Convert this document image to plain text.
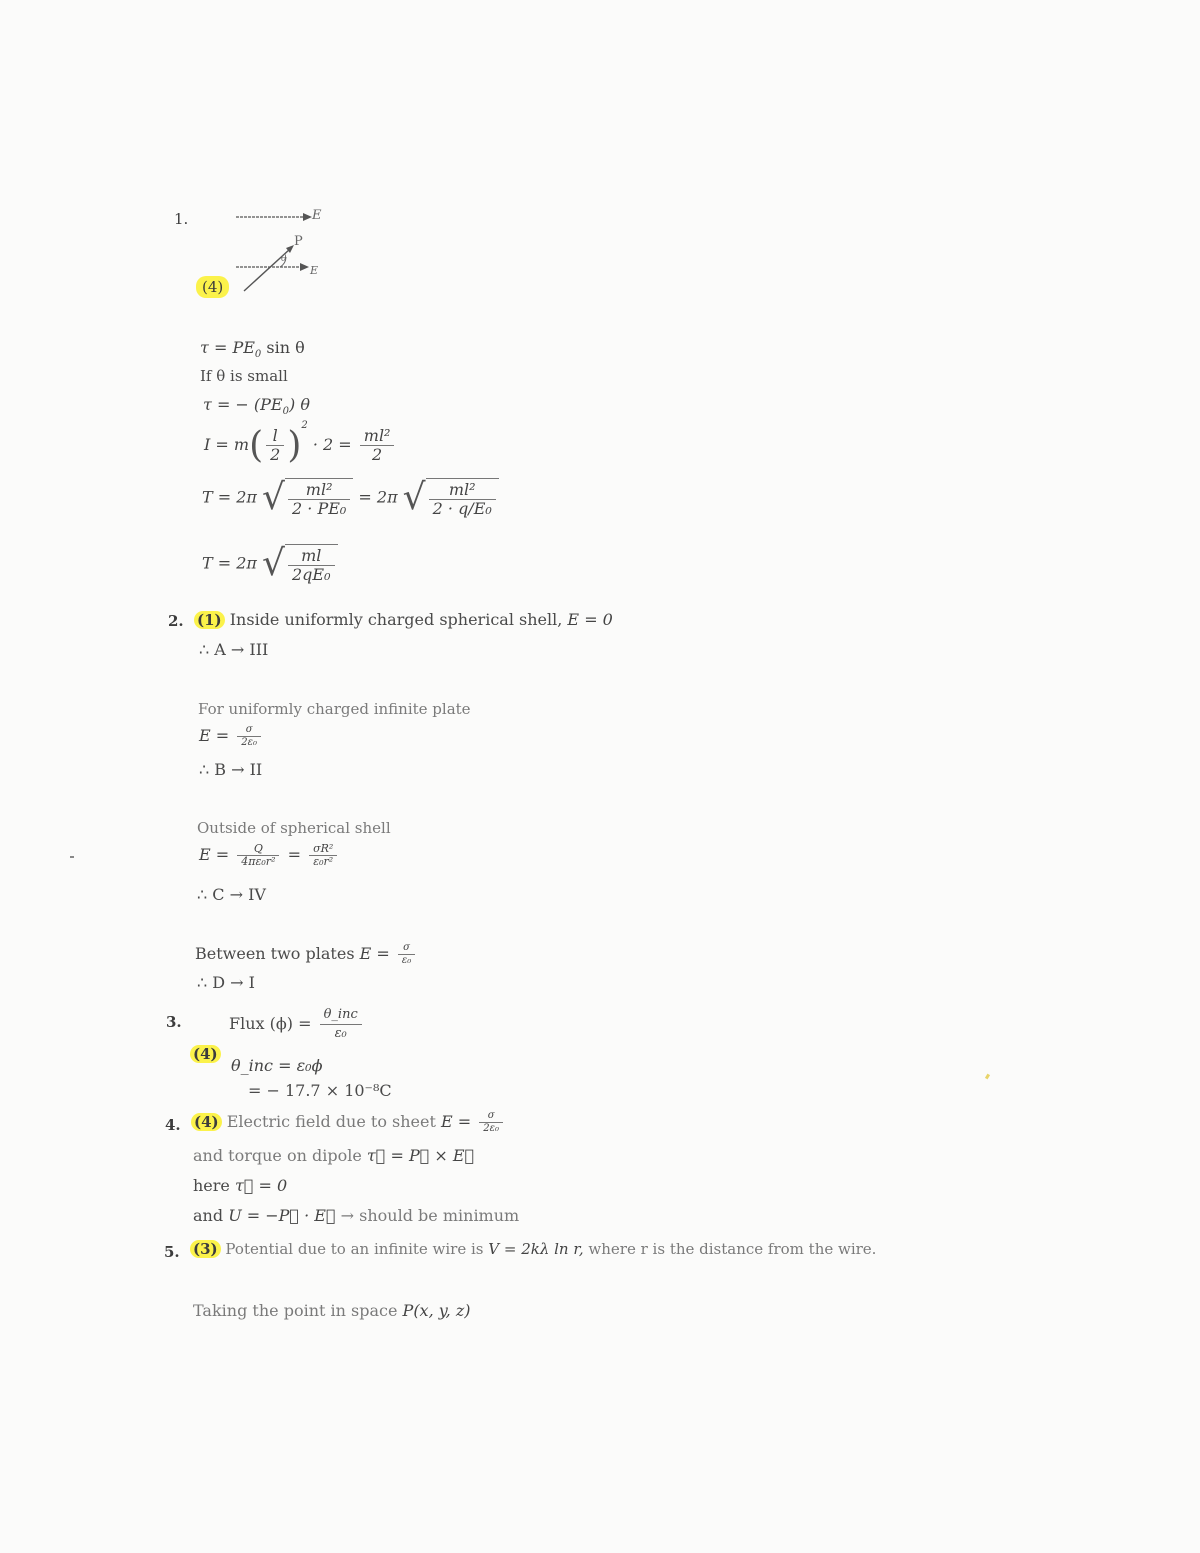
1.	E
P
θ
E
(4)
$\tau = PE_0$ sin θ
If θ is small
τ = − $(PE_0)$ θ
$I = m( \frac{l}{2} )^2 \cdot 2 = \frac{\text{ml²}}{2}$
T = 2π √ $\frac{\text{ml²}}{\text{2 · PE₀}} = 2\pi$ √ $\frac{\text{ml²}}{\text{2 · q/E₀}}$
T = 2π √ $\frac{ml}{\text{2qE₀}}$
2. (1) Inside uniformly charged spherical shell, E = 0
∴ A → III
For uniformly charged infinite plate
$E = \frac{\sigma}{\text{2ε₀}}$
∴ B → II
Outside of spherical shell
$E = \frac{Q}{\text{4πε₀r²}} = \frac{\text{σR²}}{\text{ε₀r²}}$
∴ C → IV
Between two plates $E = \frac{\sigma}{\text{ε₀}}$
∴ D → I
3.	Flux $(\phi) = \frac{\text{θ\_inc}}{\text{ε₀}}$
(4)
θ_inc = ε₀ϕ
= − 17.7 × 10⁻⁸C
4. (4) Electric field due to sheet $E = \frac{\sigma}{\text{2ε₀}}$
and torque on dipole τ⃗ = P⃗ × E⃗
here τ⃗ = 0
and U = −P⃗ · E⃗ → should be minimum
5. (3) Potential due to an infinite wire is V = 2kλ ln r, where r is the distance from the wire.
Taking the point in space P(x, y, z)
